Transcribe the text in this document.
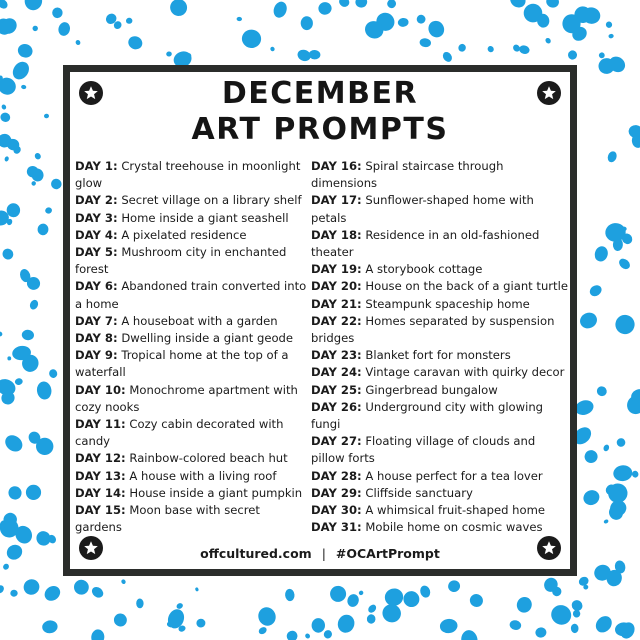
DECEMBER
ART PROMPTS
DAY 1: Crystal treehouse in moonlight glow
DAY 2: Secret village on a library shelf
DAY 3: Home inside a giant seashell
DAY 4: A pixelated residence
DAY 5: Mushroom city in enchanted forest
DAY 6: Abandoned train converted into a home
DAY 7: A houseboat with a garden
DAY 8: Dwelling inside a giant geode
DAY 9: Tropical home at the top of a waterfall
DAY 10: Monochrome apartment with cozy nooks
DAY 11: Cozy cabin decorated with candy
DAY 12: Rainbow-colored beach hut
DAY 13: A house with a living roof
DAY 14: House inside a giant pumpkin
DAY 15: Moon base with secret gardens
DAY 16: Spiral staircase through dimensions
DAY 17: Sunflower-shaped home with petals
DAY 18: Residence in an old-fashioned theater
DAY 19: A storybook cottage
DAY 20: House on the back of a giant turtle
DAY 21: Steampunk spaceship home
DAY 22: Homes separated by suspension bridges
DAY 23: Blanket fort for monsters
DAY 24: Vintage caravan with quirky decor
DAY 25: Gingerbread bungalow
DAY 26: Underground city with glowing fungi
DAY 27: Floating village of clouds and pillow forts
DAY 28: A house perfect for a tea lover
DAY 29: Cliffside sanctuary
DAY 30: A whimsical fruit-shaped home
DAY 31: Mobile home on cosmic waves
offcultured.com | #OCArtPrompt
